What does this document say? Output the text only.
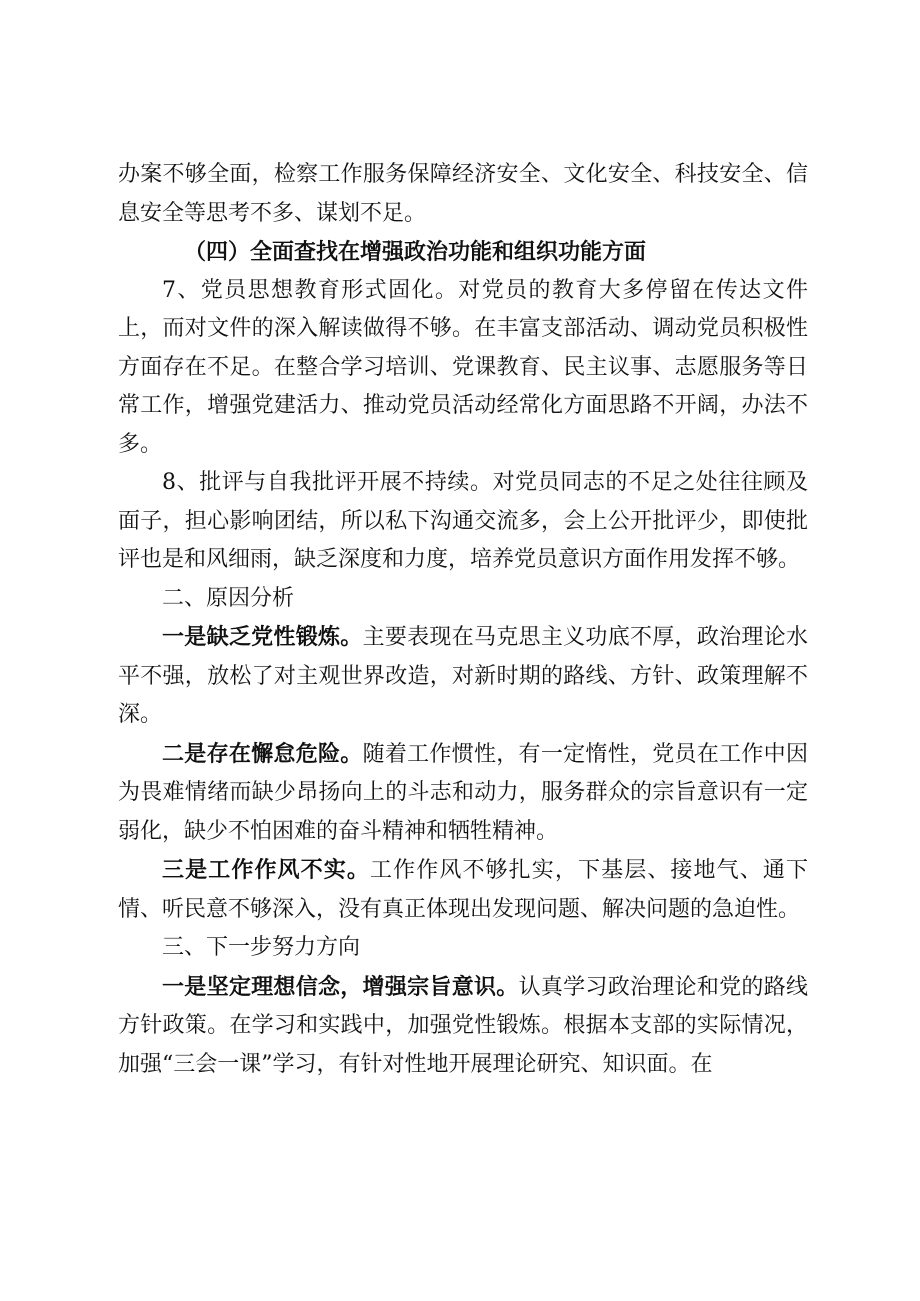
办案不够全面，检察工作服务保障经济安全、文化安全、科技安全、信息安全等思考不多、谋划不足。

（四）全面查找在增强政治功能和组织功能方面

7、党员思想教育形式固化。对党员的教育大多停留在传达文件上，而对文件的深入解读做得不够。在丰富支部活动、调动党员积极性方面存在不足。在整合学习培训、党课教育、民主议事、志愿服务等日常工作，增强党建活力、推动党员活动经常化方面思路不开阔，办法不多。

8、批评与自我批评开展不持续。对党员同志的不足之处往往顾及面子，担心影响团结，所以私下沟通交流多，会上公开批评少，即使批评也是和风细雨，缺乏深度和力度，培养党员意识方面作用发挥不够。

二、原因分析

一是缺乏党性锻炼。主要表现在马克思主义功底不厚，政治理论水平不强，放松了对主观世界改造，对新时期的路线、方针、政策理解不深。

二是存在懈怠危险。随着工作惯性，有一定惰性，党员在工作中因为畏难情绪而缺少昂扬向上的斗志和动力，服务群众的宗旨意识有一定弱化，缺少不怕困难的奋斗精神和牺牲精神。

三是工作作风不实。工作作风不够扎实，下基层、接地气、通下情、听民意不够深入，没有真正体现出发现问题、解决问题的急迫性。

三、下一步努力方向

一是坚定理想信念，增强宗旨意识。认真学习政治理论和党的路线方针政策。在学习和实践中，加强党性锻炼。根据本支部的实际情况，加强“三会一课”学习，有针对性地开展理论研究、知识面。在
